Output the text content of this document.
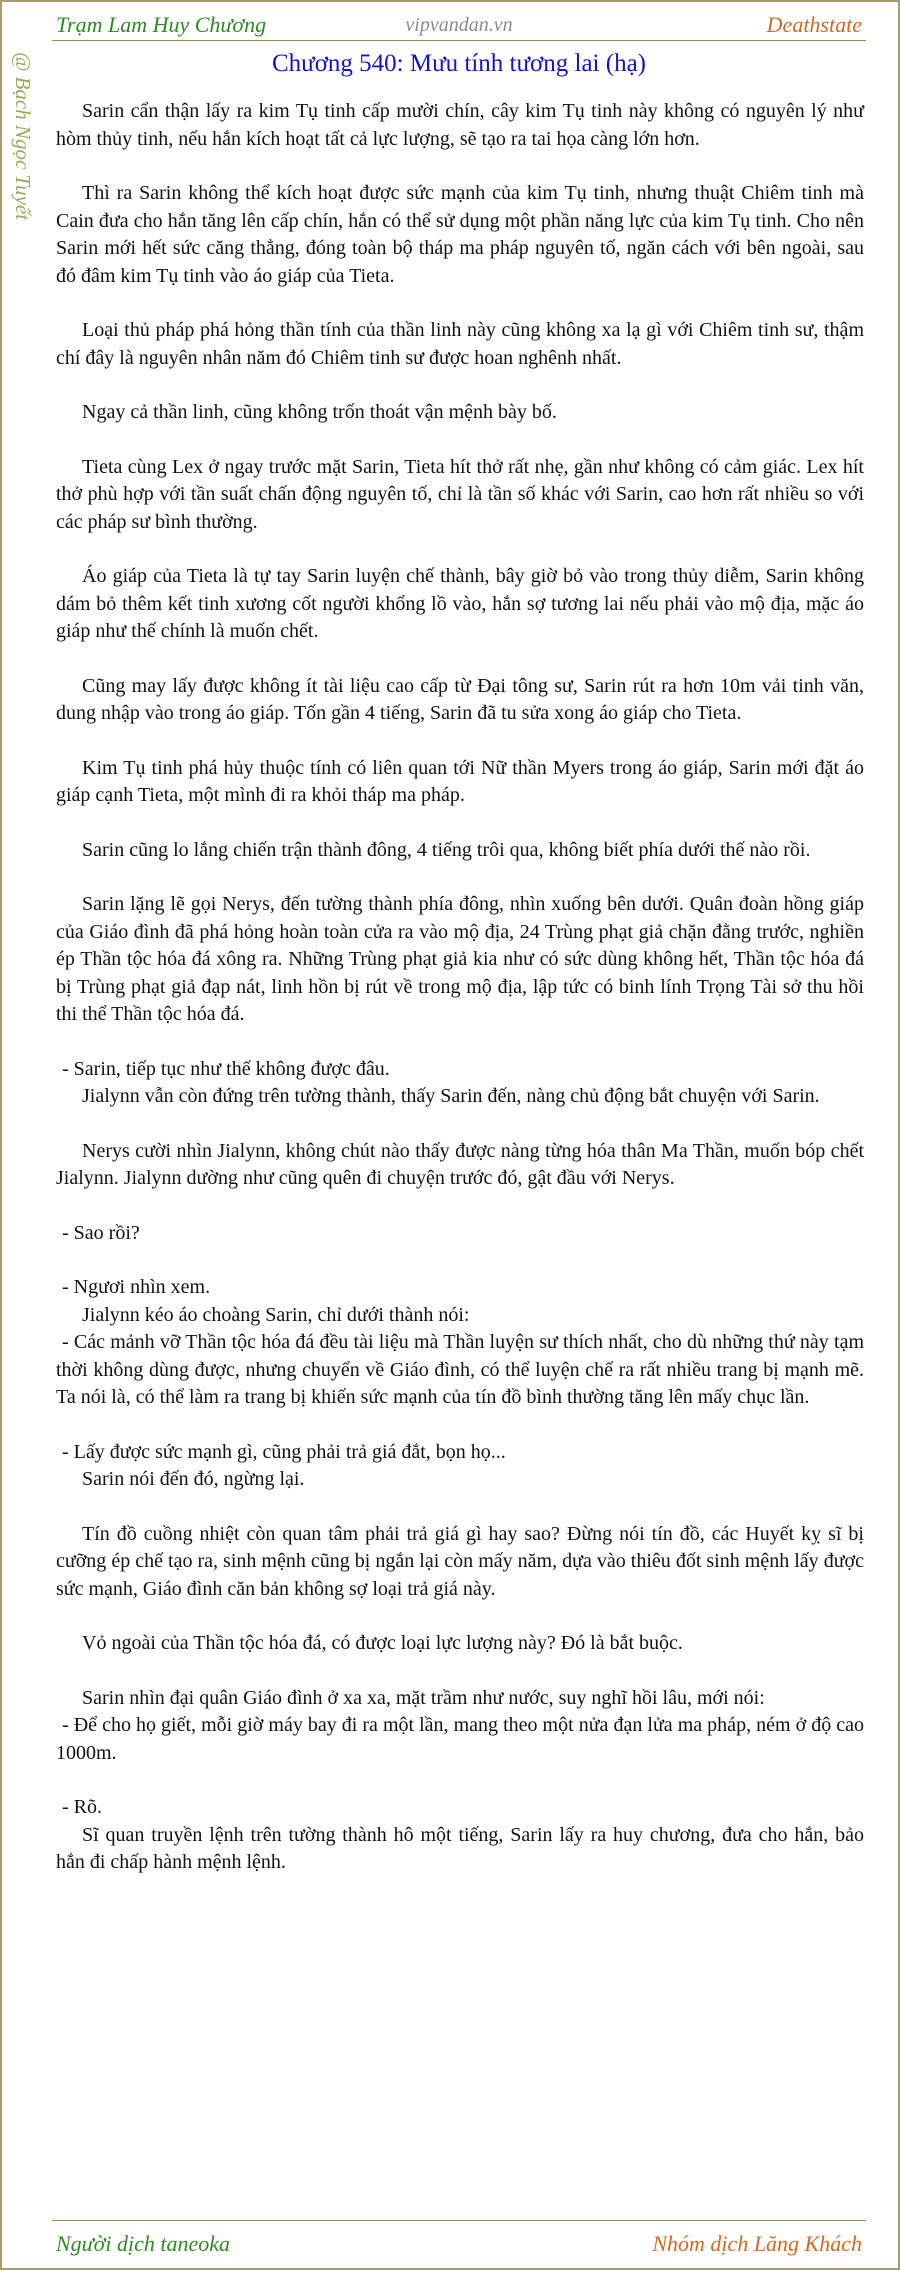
Trạm Lam Huy Chương	vipvandan.vn	Deathstate
@ Bạch Ngọc Tuyết	Chương 540: Mưu tính tương lai (hạ)

Sarin cẩn thận lấy ra kim Tụ tinh cấp mười chín, cây kim Tụ tinh này không có nguyên lý như hòm thủy tinh, nếu hắn kích hoạt tất cả lực lượng, sẽ tạo ra tai họa càng lớn hơn.

Thì ra Sarin không thể kích hoạt được sức mạnh của kim Tụ tinh, nhưng thuật Chiêm tinh mà Cain đưa cho hắn tăng lên cấp chín, hắn có thể sử dụng một phần năng lực của kim Tụ tinh. Cho nên Sarin mới hết sức căng thẳng, đóng toàn bộ tháp ma pháp nguyên tố, ngăn cách với bên ngoài, sau đó đâm kim Tụ tinh vào áo giáp của Tieta.

Loại thủ pháp phá hỏng thần tính của thần linh này cũng không xa lạ gì với Chiêm tinh sư, thậm chí đây là nguyên nhân năm đó Chiêm tinh sư được hoan nghênh nhất.

Ngay cả thần linh, cũng không trốn thoát vận mệnh bày bố.

Tieta cùng Lex ở ngay trước mặt Sarin, Tieta hít thở rất nhẹ, gần như không có cảm giác. Lex hít thở phù hợp với tần suất chấn động nguyên tố, chỉ là tần số khác với Sarin, cao hơn rất nhiều so với các pháp sư bình thường.

Áo giáp của Tieta là tự tay Sarin luyện chế thành, bây giờ bỏ vào trong thủy diễm, Sarin không dám bỏ thêm kết tinh xương cốt người khổng lồ vào, hắn sợ tương lai nếu phải vào mộ địa, mặc áo giáp như thế chính là muốn chết.

Cũng may lấy được không ít tài liệu cao cấp từ Đại tông sư, Sarin rút ra hơn 10m vải tinh văn, dung nhập vào trong áo giáp. Tốn gần 4 tiếng, Sarin đã tu sửa xong áo giáp cho Tieta.

Kim Tụ tinh phá hủy thuộc tính có liên quan tới Nữ thần Myers trong áo giáp, Sarin mới đặt áo giáp cạnh Tieta, một mình đi ra khỏi tháp ma pháp.

Sarin cũng lo lắng chiến trận thành đông, 4 tiếng trôi qua, không biết phía dưới thế nào rồi.

Sarin lặng lẽ gọi Nerys, đến tường thành phía đông, nhìn xuống bên dưới. Quân đoàn hồng giáp của Giáo đình đã phá hỏng hoàn toàn cửa ra vào mộ địa, 24 Trùng phạt giả chặn đằng trước, nghiền ép Thần tộc hóa đá xông ra. Những Trùng phạt giả kia như có sức dùng không hết, Thần tộc hóa đá bị Trùng phạt giả đạp nát, linh hồn bị rút về trong mộ địa, lập tức có binh lính Trọng Tài sở thu hồi thi thể Thần tộc hóa đá.

- Sarin, tiếp tục như thế không được đâu.

Jialynn vẫn còn đứng trên tường thành, thấy Sarin đến, nàng chủ động bắt chuyện với Sarin.

Nerys cười nhìn Jialynn, không chút nào thấy được nàng từng hóa thân Ma Thần, muốn bóp chết Jialynn. Jialynn dường như cũng quên đi chuyện trước đó, gật đầu với Nerys.

- Sao rồi?

- Ngươi nhìn xem.

Jialynn kéo áo choàng Sarin, chỉ dưới thành nói:

- Các mảnh vỡ Thần tộc hóa đá đều tài liệu mà Thần luyện sư thích nhất, cho dù những thứ này tạm thời không dùng được, nhưng chuyển về Giáo đình, có thể luyện chế ra rất nhiều trang bị mạnh mẽ. Ta nói là, có thể làm ra trang bị khiến sức mạnh của tín đồ bình thường tăng lên mấy chục lần.

- Lấy được sức mạnh gì, cũng phải trả giá đắt, bọn họ...

Sarin nói đến đó, ngừng lại.

Tín đồ cuồng nhiệt còn quan tâm phải trả giá gì hay sao? Đừng nói tín đồ, các Huyết kỵ sĩ bị cưỡng ép chế tạo ra, sinh mệnh cũng bị ngắn lại còn mấy năm, dựa vào thiêu đốt sinh mệnh lấy được sức mạnh, Giáo đình căn bản không sợ loại trả giá này.

Vỏ ngoài của Thần tộc hóa đá, có được loại lực lượng này? Đó là bắt buộc.

Sarin nhìn đại quân Giáo đình ở xa xa, mặt trầm như nước, suy nghĩ hồi lâu, mới nói:

- Để cho họ giết, mỗi giờ máy bay đi ra một lần, mang theo một nửa đạn lửa ma pháp, ném ở độ cao 1000m.

- Rõ.

Sĩ quan truyền lệnh trên tường thành hô một tiếng, Sarin lấy ra huy chương, đưa cho hắn, bảo hắn đi chấp hành mệnh lệnh.

Người dịch taneoka	Nhóm dịch Lăng Khách
